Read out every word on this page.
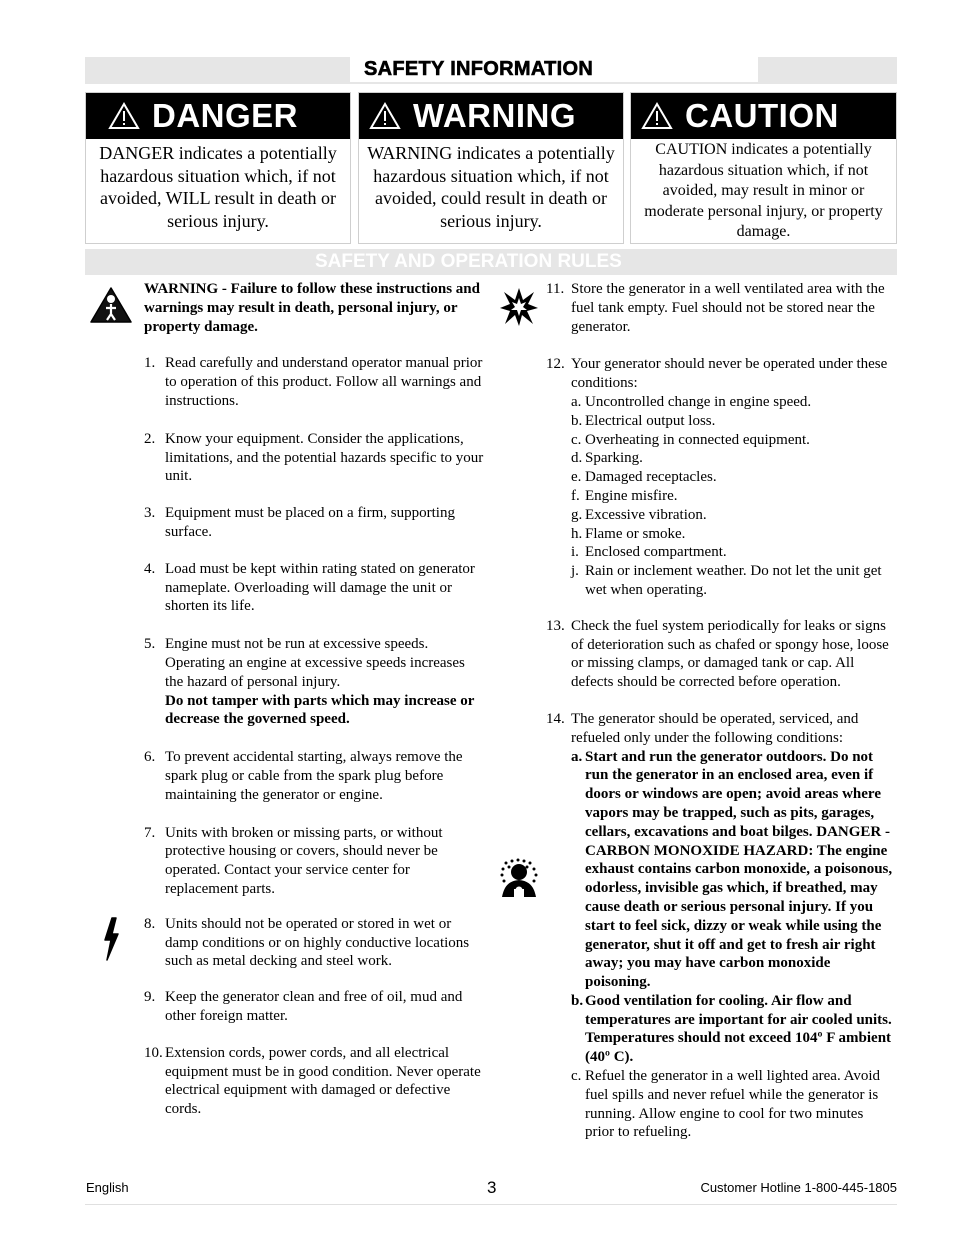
SAFETY INFORMATION
DANGER
DANGER indicates a potentially hazardous situation which, if not avoided, WILL result in death or serious injury.
WARNING
WARNING indicates a potentially hazardous situation which, if not avoided, could result in death or serious injury.
CAUTION
CAUTION indicates a potentially hazardous situation which, if not avoided, may result in minor or moderate personal injury, or property damage.
SAFETY AND OPERATION RULES
WARNING - Failure to follow these instructions and warnings may result in death, personal injury, or property damage.
1. Read carefully and understand operator manual prior to operation of this product. Follow all warnings and instructions.
2. Know your equipment. Consider the applications, limitations, and the potential hazards specific to your unit.
3. Equipment must be placed on a firm, supporting surface.
4. Load must be kept within rating stated on generator nameplate. Overloading will damage the unit or shorten its life.
5. Engine must not be run at excessive speeds. Operating an engine at excessive speeds increases the hazard of personal injury.
Do not tamper with parts which may increase or decrease the governed speed.
6. To prevent accidental starting, always remove the spark plug or cable from the spark plug before maintaining the generator or engine.
7. Units with broken or missing parts, or without protective housing or covers, should never be operated. Contact your service center for replacement parts.
8. Units should not be operated or stored in wet or damp conditions or on highly conductive locations such as metal decking and steel work.
9. Keep the generator clean and free of oil, mud and other foreign matter.
10. Extension cords, power cords, and all electrical equipment must be in good condition. Never operate electrical equipment with damaged or defective cords.
11. Store the generator in a well ventilated area with the fuel tank empty. Fuel should not be stored near the generator.
12. Your generator should never be operated under these conditions:
a. Uncontrolled change in engine speed.
b. Electrical output loss.
c. Overheating in connected equipment.
d. Sparking.
e. Damaged receptacles.
f. Engine misfire.
g. Excessive vibration.
h. Flame or smoke.
i. Enclosed compartment.
j. Rain or inclement weather. Do not let the unit get wet when operating.
13. Check the fuel system periodically for leaks or signs of deterioration such as chafed or spongy hose, loose or missing clamps, or damaged tank or cap. All defects should be corrected before operation.
14. The generator should be operated, serviced, and refueled only under the following conditions:
a. Start and run the generator outdoors. Do not run the generator in an enclosed area, even if doors or windows are open; avoid areas where vapors may be trapped, such as pits, garages, cellars, excavations and boat bilges. DANGER - CARBON MONOXIDE HAZARD: The engine exhaust contains carbon monoxide, a poisonous, odorless, invisible gas which, if breathed, may cause death or serious personal injury. If you start to feel sick, dizzy or weak while using the generator, shut it off and get to fresh air right away; you may have carbon monoxide poisoning.
b. Good ventilation for cooling. Air flow and temperatures are important for air cooled units. Temperatures should not exceed 104º F ambient (40º C).
c. Refuel the generator in a well lighted area. Avoid fuel spills and never refuel while the generator is running. Allow engine to cool for two minutes prior to refueling.
English	3	Customer Hotline 1-800-445-1805
